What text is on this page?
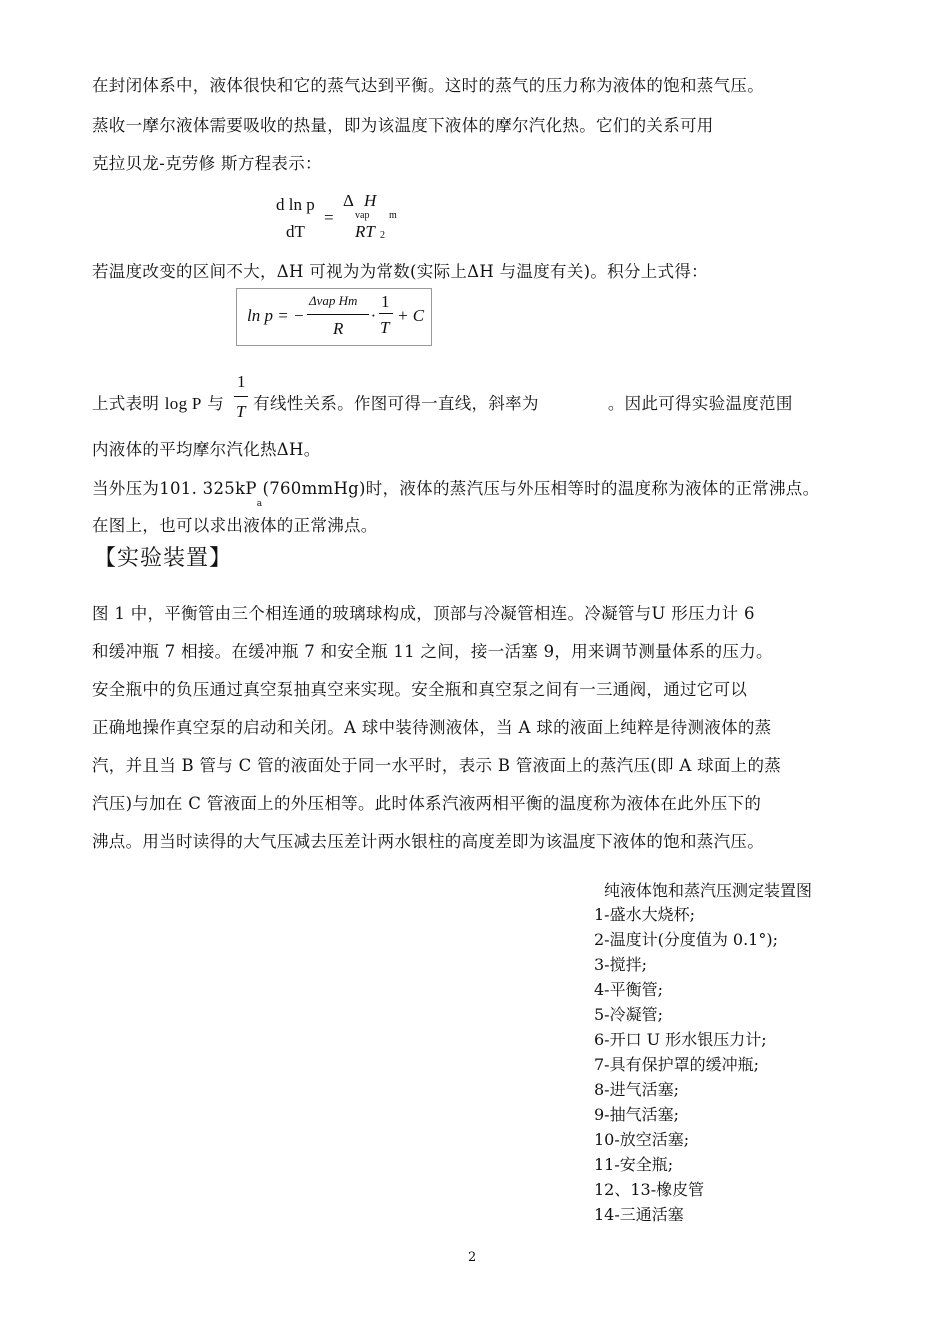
在封闭体系中，液体很快和它的蒸气达到平衡。这时的蒸气的压力称为液体的饱和蒸气压。
蒸收一摩尔液体需要吸收的热量，即为该温度下液体的摩尔汽化热。它们的关系可用
克拉贝龙-克劳修 斯方程表示：
d ln p
dT
=
Δ H
vap m
RT 2
若温度改变的区间不大，ΔH 可视为为常数(实际上ΔH 与温度有关)。积分上式得：
ln p = −
Δvap Hm
R
·
1
T
+ C
上式表明 log P 与 有线性关系。作图可得一直线，斜率为	。因此可得实验温度范围
1
T
内液体的平均摩尔汽化热ΔH。
当外压为101. $325kP_a(760mmHg)$时，液体的蒸汽压与外压相等时的温度称为液体的正常沸点。
在图上，也可以求出液体的正常沸点。
【实验装置】
图 1 中，平衡管由三个相连通的玻璃球构成，顶部与冷凝管相连。冷凝管与U 形压力计 6
和缓冲瓶 7 相接。在缓冲瓶 7 和安全瓶 11 之间，接一活塞 9，用来调节测量体系的压力。
安全瓶中的负压通过真空泵抽真空来实现。安全瓶和真空泵之间有一三通阀，通过它可以
正确地操作真空泵的启动和关闭。A 球中装待测液体，当 A 球的液面上纯粹是待测液体的蒸
汽，并且当 B 管与 C 管的液面处于同一水平时，表示 B 管液面上的蒸汽压(即 A 球面上的蒸
汽压)与加在 C 管液面上的外压相等。此时体系汽液两相平衡的温度称为液体在此外压下的
沸点。用当时读得的大气压减去压差计两水银柱的高度差即为该温度下液体的饱和蒸汽压。
纯液体饱和蒸汽压测定装置图
1-盛水大烧杯;
2-温度计(分度值为 0.1°);
3-搅拌;
4-平衡管;
5-冷凝管;
6-开口 U 形水银压力计;
7-具有保护罩的缓冲瓶;
8-进气活塞;
9-抽气活塞;
10-放空活塞;
11-安全瓶;
12、13-橡皮管
14-三通活塞
2
